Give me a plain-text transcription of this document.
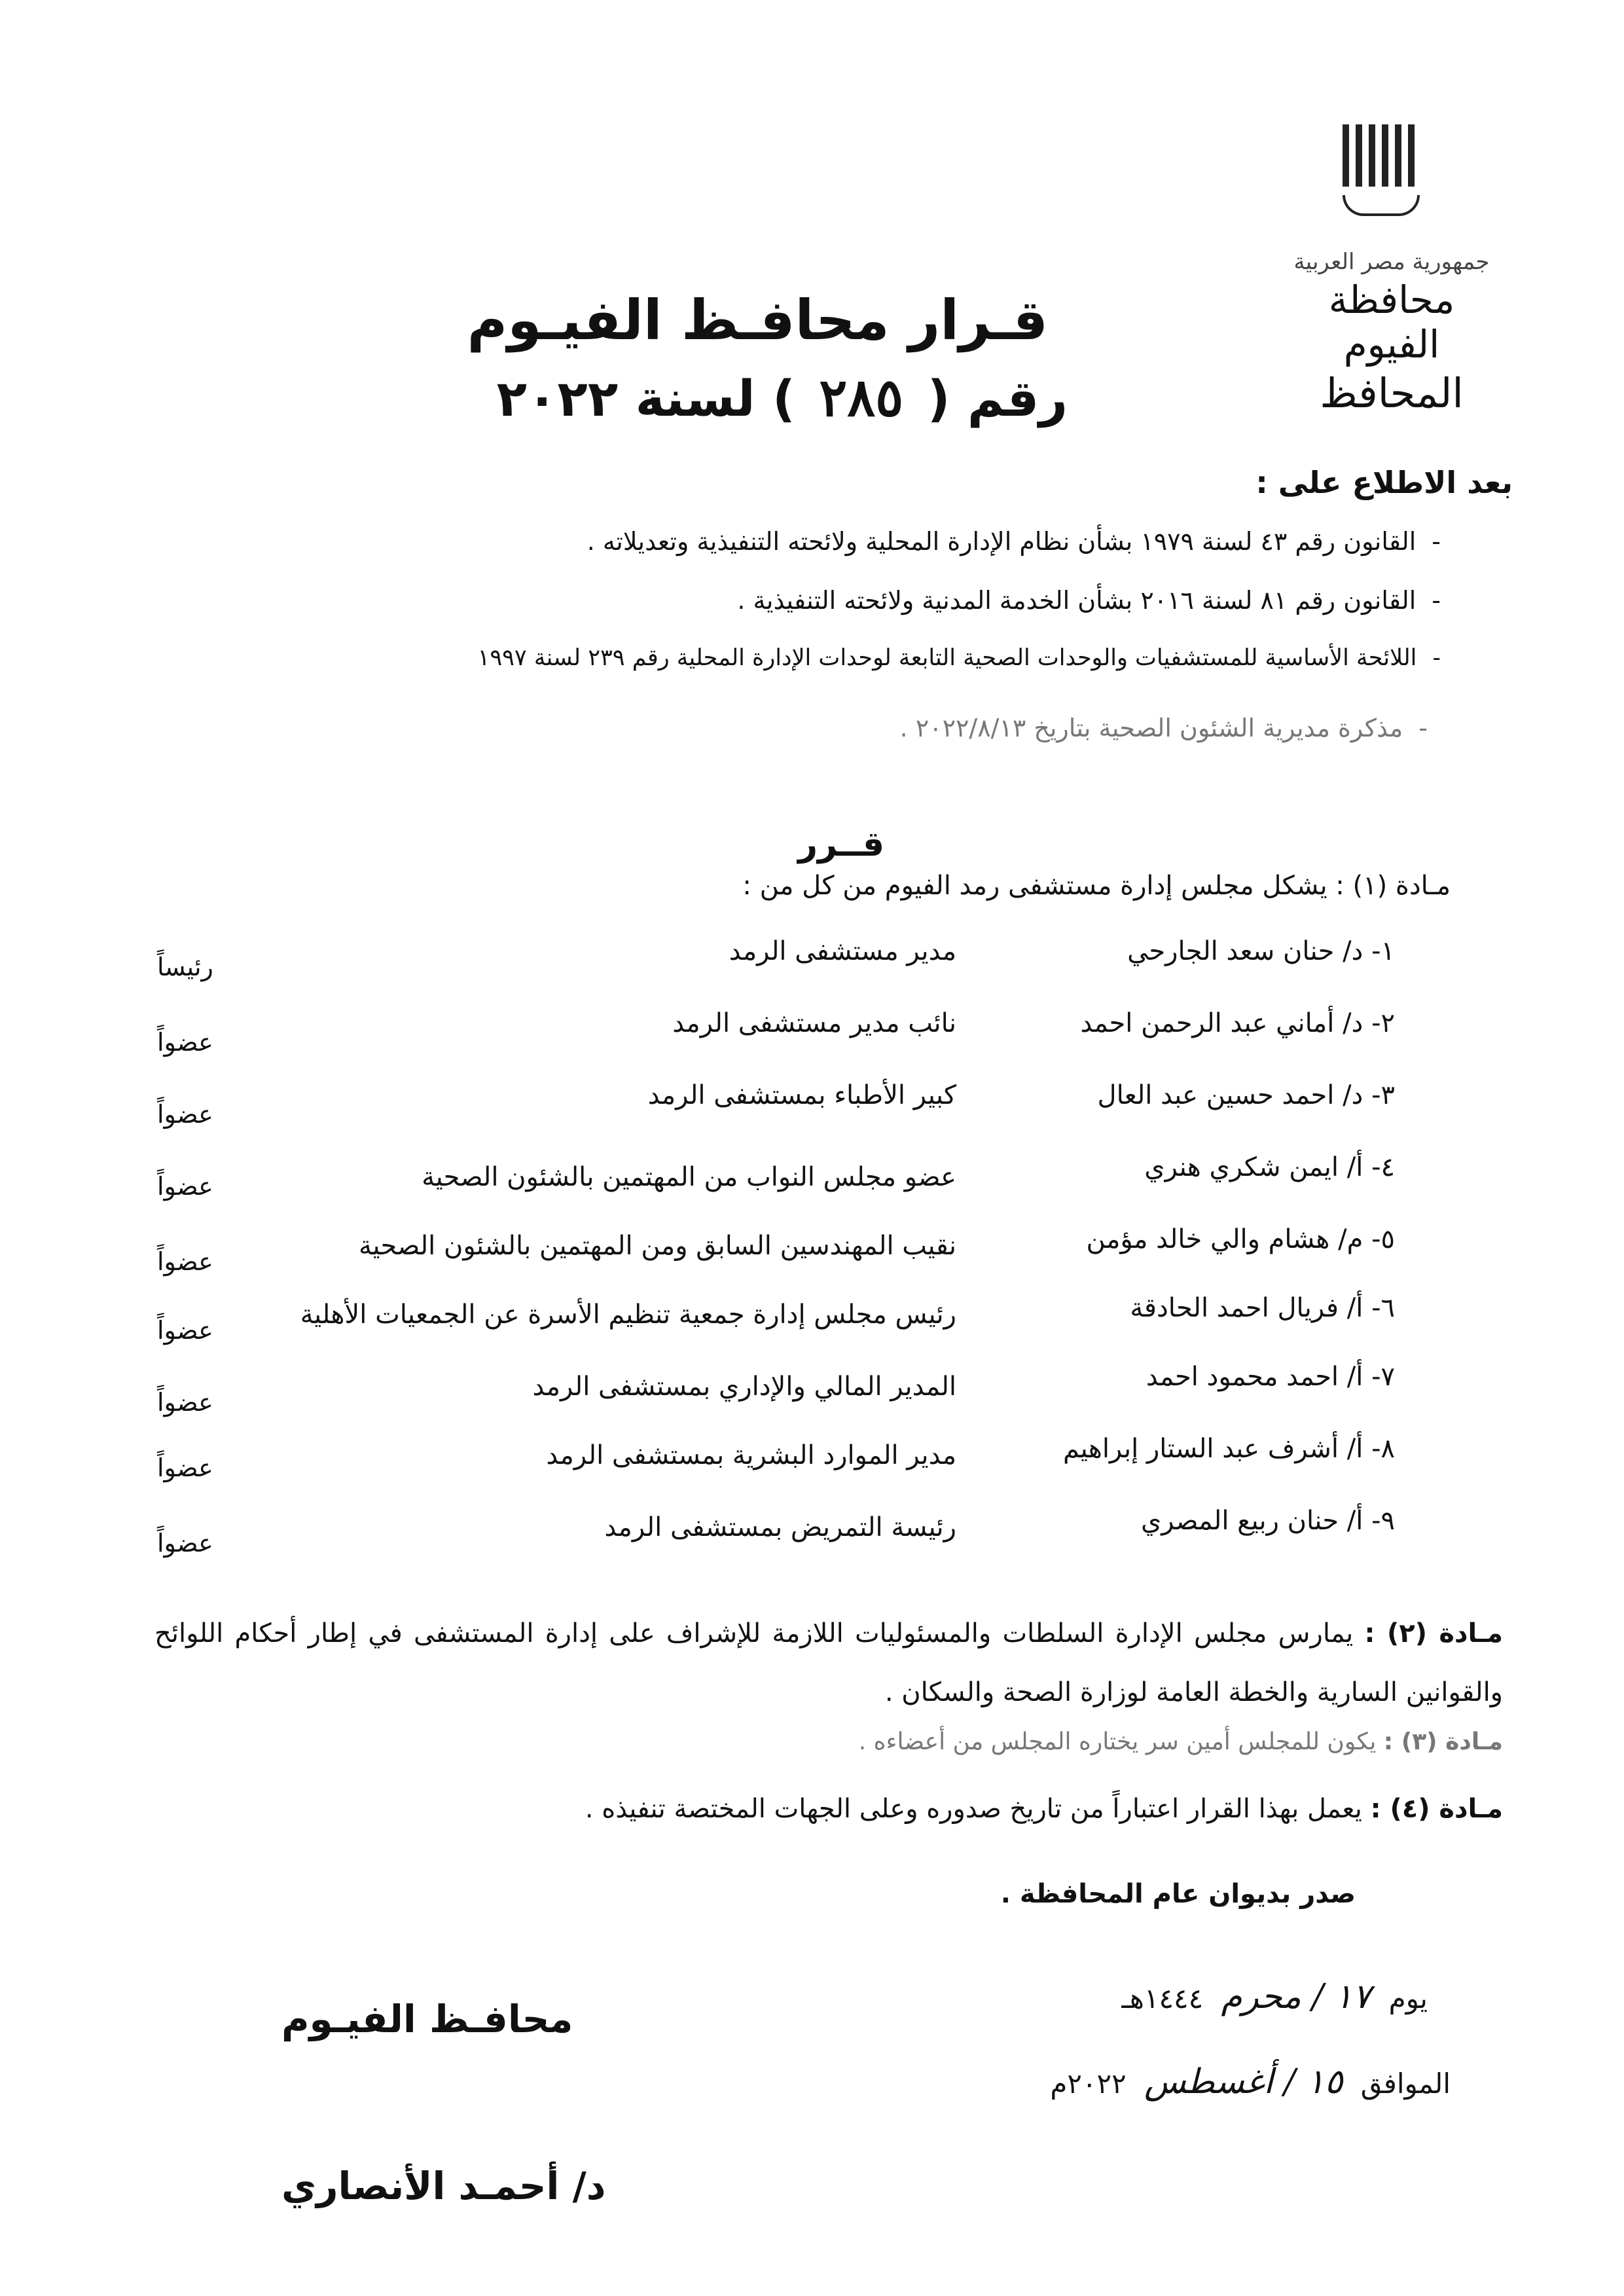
جمهورية مصر العربية
محافظة الفيوم
المحافظ
قـرار محافـظ الفيـوم
رقم ( ٢٨٥ ) لسنة ٢٠٢٢
بعد الاطلاع على :
-القانون رقم ٤٣ لسنة ١٩٧٩ بشأن نظام الإدارة المحلية ولائحته التنفيذية وتعديلاته .
-القانون رقم ٨١ لسنة ٢٠١٦ بشأن الخدمة المدنية ولائحته التنفيذية .
-اللائحة الأساسية للمستشفيات والوحدات الصحية التابعة لوحدات الإدارة المحلية رقم ٢٣٩ لسنة ١٩٩٧
-مذكرة مديرية الشئون الصحية بتاريخ ٢٠٢٢/٨/١٣ .
قــرر
مـادة (١) : يشكل مجلس إدارة مستشفى رمد الفيوم من كل من :
١- د/ حنان سعد الجارحي
مدير مستشفى الرمد
رئيساً
٢- د/ أماني عبد الرحمن احمد
نائب مدير مستشفى الرمد
عضواً
٣- د/ احمد حسين عبد العال
كبير الأطباء بمستشفى الرمد
عضواً
٤- أ/ ايمن شكري هنري
عضو مجلس النواب من المهتمين بالشئون الصحية
عضواً
٥- م/ هشام والي خالد مؤمن
نقيب المهندسين السابق ومن المهتمين بالشئون الصحية
عضواً
٦- أ/ فريال احمد الحادقة
رئيس مجلس إدارة جمعية تنظيم الأسرة عن الجمعيات الأهلية
عضواً
٧- أ/ احمد محمود احمد
المدير المالي والإداري بمستشفى الرمد
عضواً
٨- أ/ أشرف عبد الستار إبراهيم
مدير الموارد البشرية بمستشفى الرمد
عضواً
٩- أ/ حنان ربيع المصري
رئيسة التمريض بمستشفى الرمد
عضواً
مـادة (٢) : يمارس مجلس الإدارة السلطات والمسئوليات اللازمة للإشراف على إدارة المستشفى في إطار أحكام اللوائح والقوانين السارية والخطة العامة لوزارة الصحة والسكان .
مـادة (٣) : يكون للمجلس أمين سر يختاره المجلس من أعضاءه .
مـادة (٤) : يعمل بهذا القرار اعتباراً من تاريخ صدوره وعلى الجهات المختصة تنفيذه .
صدر بديوان عام المحافظة .
يوم ١٧ / محرم ١٤٤٤هـ
الموافق ١٥ / أغسطس ٢٠٢٢م
محافـظ الفيـوم
د/ أحمـد الأنصاري
